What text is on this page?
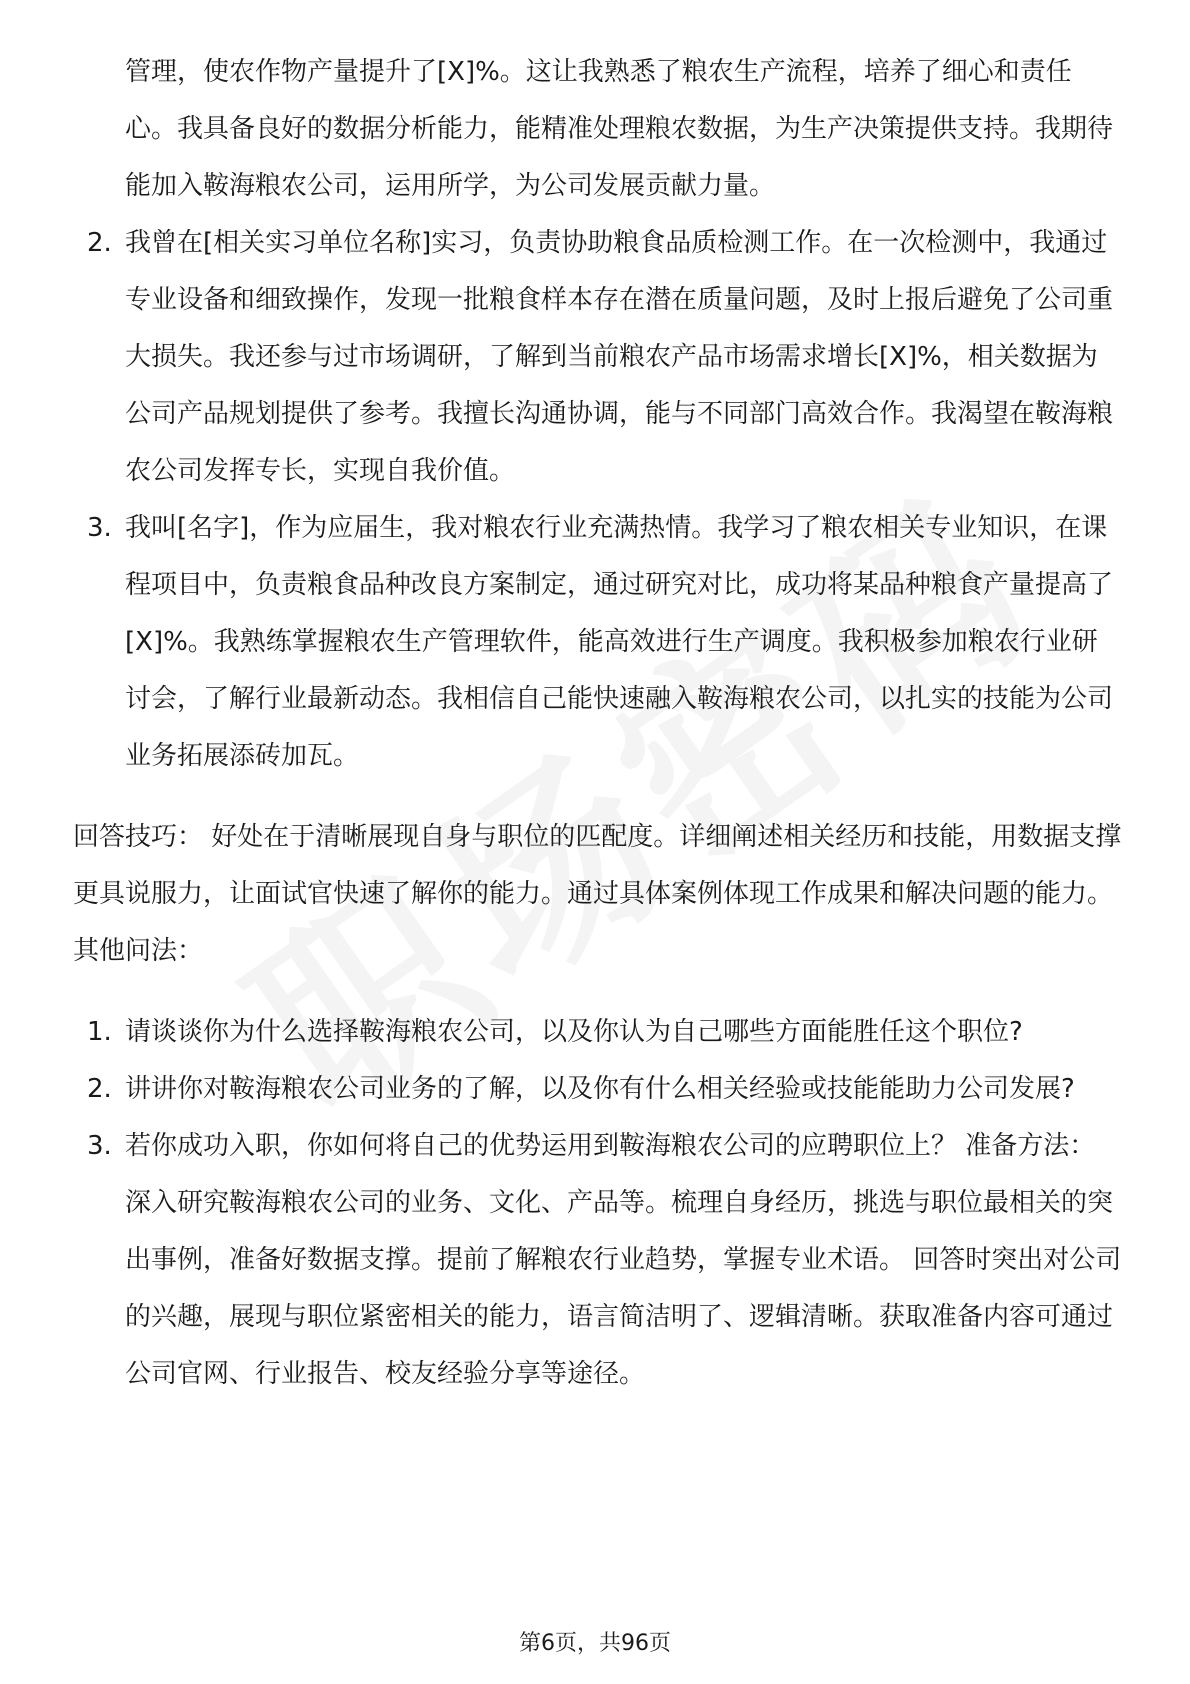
管理，使农作物产量提升了[X]%。这让我熟悉了粮农生产流程，培养了细心和责任心。我具备良好的数据分析能力，能精准处理粮农数据，为生产决策提供支持。我期待能加入鞍海粮农公司，运用所学，为公司发展贡献力量。
2. 我曾在[相关实习单位名称]实习，负责协助粮食品质检测工作。在一次检测中，我通过专业设备和细致操作，发现一批粮食样本存在潜在质量问题，及时上报后避免了公司重大损失。我还参与过市场调研，了解到当前粮农产品市场需求增长[X]%，相关数据为公司产品规划提供了参考。我擅长沟通协调，能与不同部门高效合作。我渴望在鞍海粮农公司发挥专长，实现自我价值。
3. 我叫[名字]，作为应届生，我对粮农行业充满热情。我学习了粮农相关专业知识，在课程项目中，负责粮食品种改良方案制定，通过研究对比，成功将某品种粮食产量提高了[X]%。我熟练掌握粮农生产管理软件，能高效进行生产调度。我积极参加粮农行业研讨会，了解行业最新动态。我相信自己能快速融入鞍海粮农公司，以扎实的技能为公司业务拓展添砖加瓦。

回答技巧： 好处在于清晰展现自身与职位的匹配度。详细阐述相关经历和技能，用数据支撑更具说服力，让面试官快速了解你的能力。通过具体案例体现工作成果和解决问题的能力。 其他问法：

1. 请谈谈你为什么选择鞍海粮农公司，以及你认为自己哪些方面能胜任这个职位?
2. 讲讲你对鞍海粮农公司业务的了解，以及你有什么相关经验或技能能助力公司发展?
3. 若你成功入职，你如何将自己的优势运用到鞍海粮农公司的应聘职位上？ 准备方法： 深入研究鞍海粮农公司的业务、文化、产品等。梳理自身经历，挑选与职位最相关的突出事例，准备好数据支撑。提前了解粮农行业趋势，掌握专业术语。 回答时突出对公司的兴趣，展现与职位紧密相关的能力，语言简洁明了、逻辑清晰。获取准备内容可通过公司官网、行业报告、校友经验分享等途径。
第6页，共96页
